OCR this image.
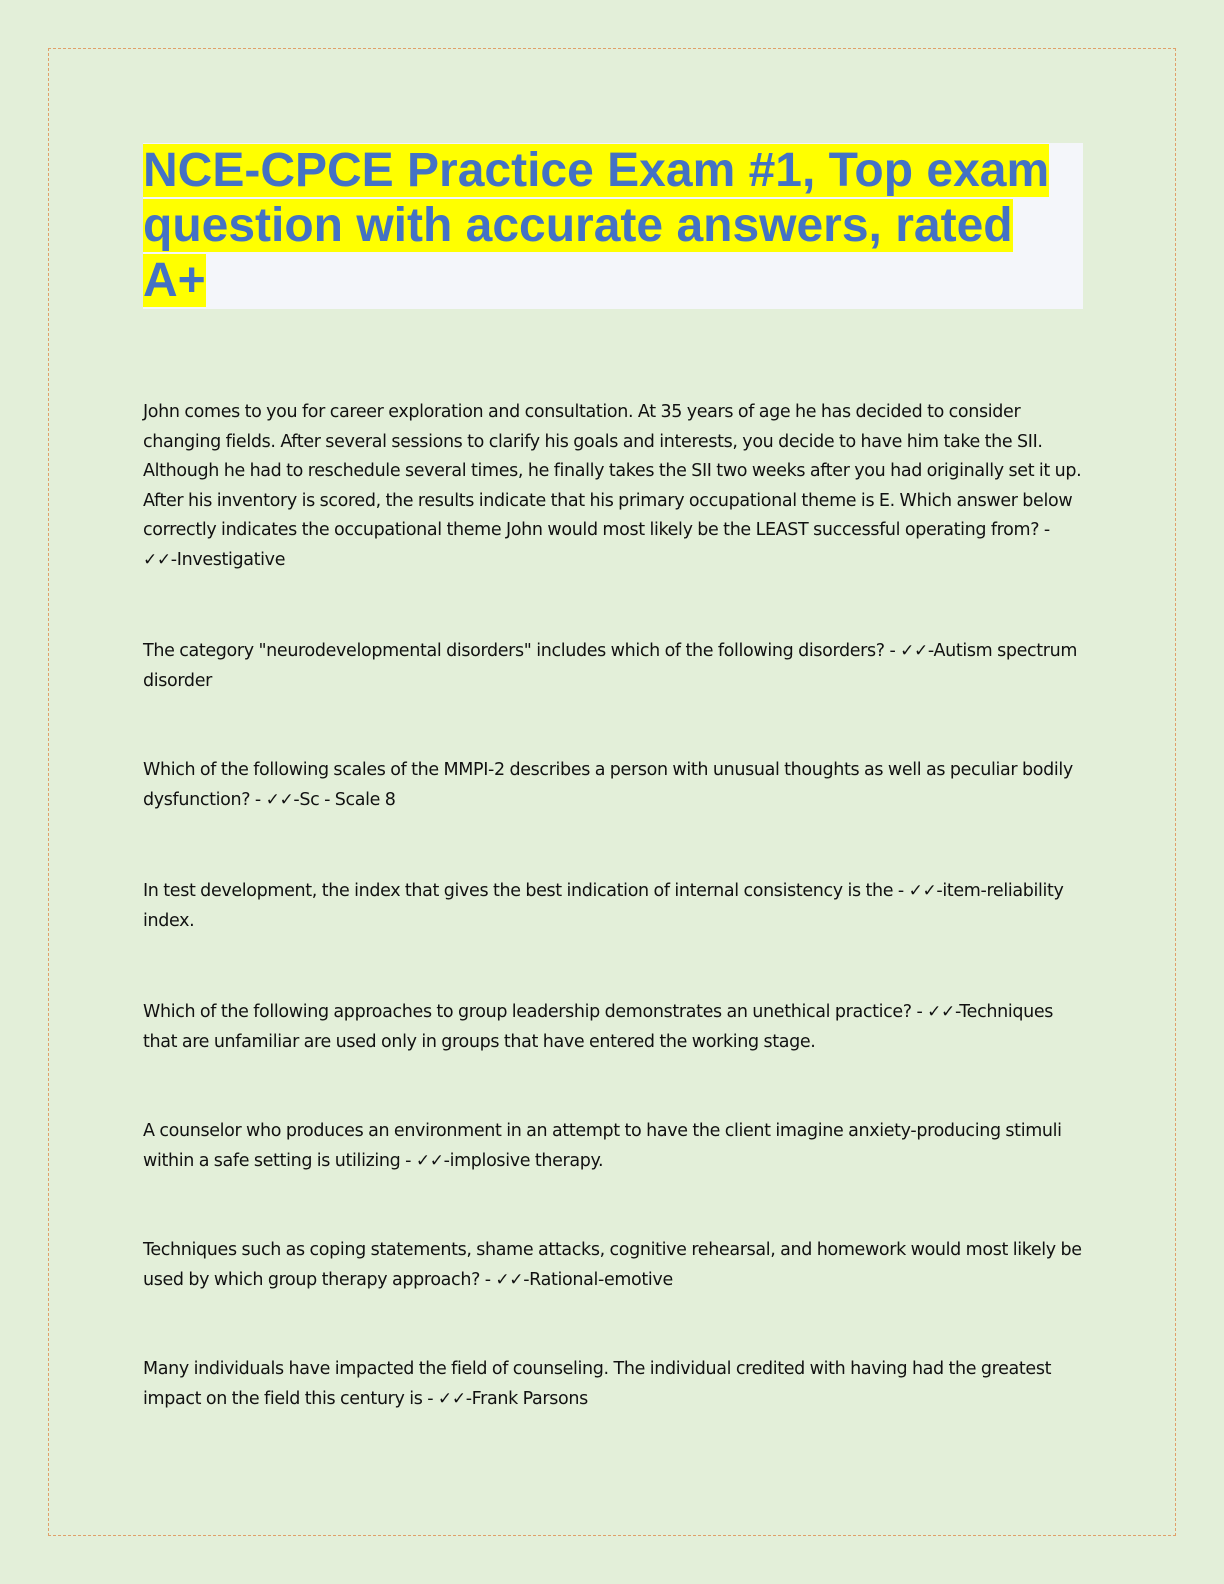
NCE-CPCE Practice Exam #1, Top exam question with accurate answers, rated A+

John comes to you for career exploration and consultation. At 35 years of age he has decided to consider changing fields. After several sessions to clarify his goals and interests, you decide to have him take the SII. Although he had to reschedule several times, he finally takes the SII two weeks after you had originally set it up. After his inventory is scored, the results indicate that his primary occupational theme is E. Which answer below correctly indicates the occupational theme John would most likely be the LEAST successful operating from? - ✓✓-Investigative

The category "neurodevelopmental disorders" includes which of the following disorders? - ✓✓-Autism spectrum disorder

Which of the following scales of the MMPI-2 describes a person with unusual thoughts as well as peculiar bodily dysfunction? - ✓✓-Sc - Scale 8

In test development, the index that gives the best indication of internal consistency is the - ✓✓-item-reliability index.

Which of the following approaches to group leadership demonstrates an unethical practice? - ✓✓-Techniques that are unfamiliar are used only in groups that have entered the working stage.

A counselor who produces an environment in an attempt to have the client imagine anxiety-producing stimuli within a safe setting is utilizing - ✓✓-implosive therapy.

Techniques such as coping statements, shame attacks, cognitive rehearsal, and homework would most likely be used by which group therapy approach? - ✓✓-Rational-emotive

Many individuals have impacted the field of counseling. The individual credited with having had the greatest impact on the field this century is - ✓✓-Frank Parsons
